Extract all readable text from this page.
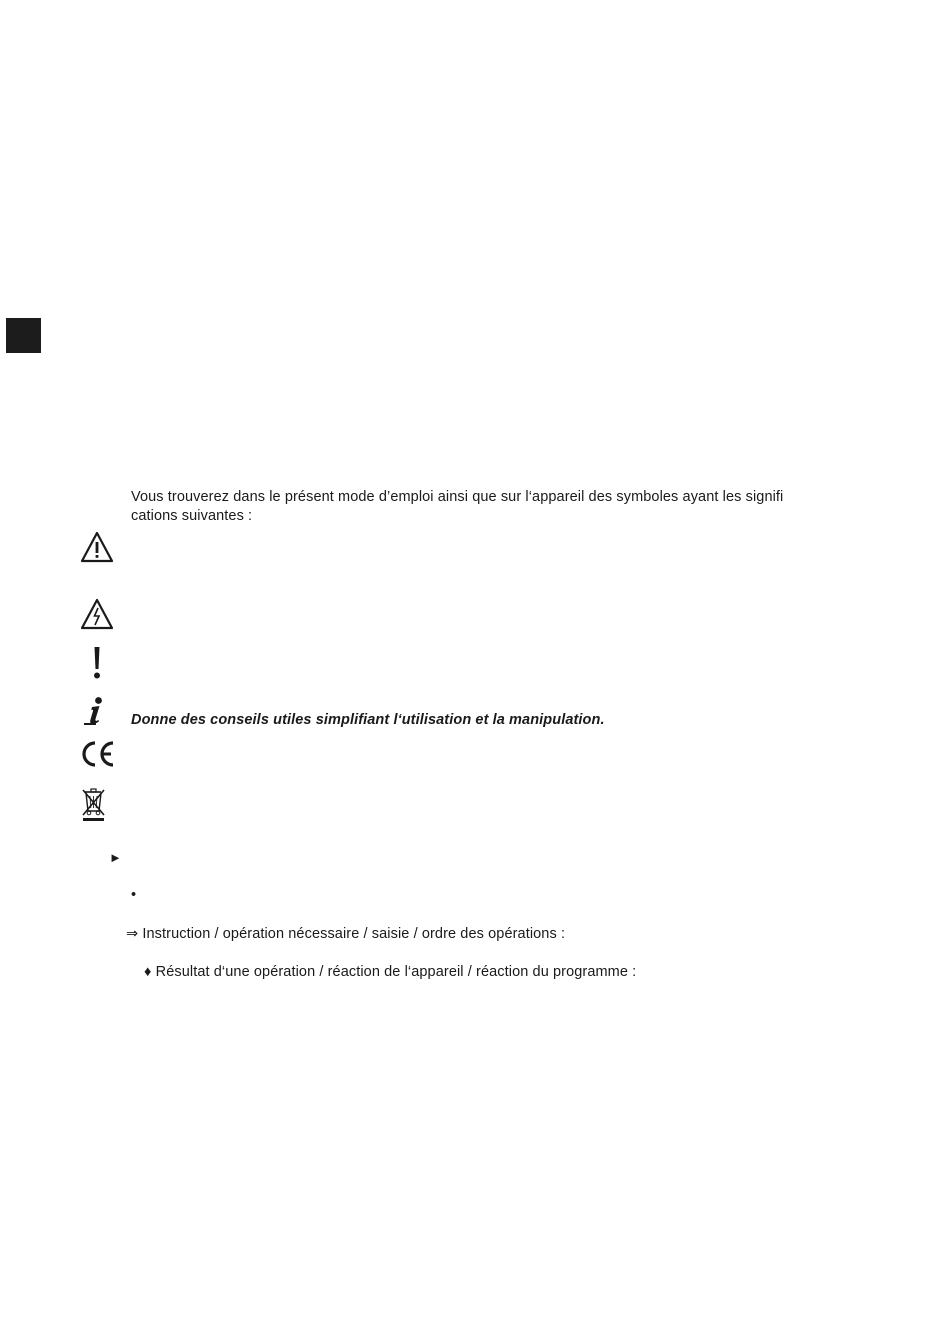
Vous trouverez dans le présent mode d’emploi ainsi que sur l‘appareil des symboles ayant les signifi
cations suivantes :
Donne des conseils utiles simplifiant l‘utilisation et la manipulation.
►
•
⇒ Instruction / opération nécessaire / saisie / ordre des opérations :
♦ Résultat d‘une opération / réaction de l‘appareil / réaction du programme :
